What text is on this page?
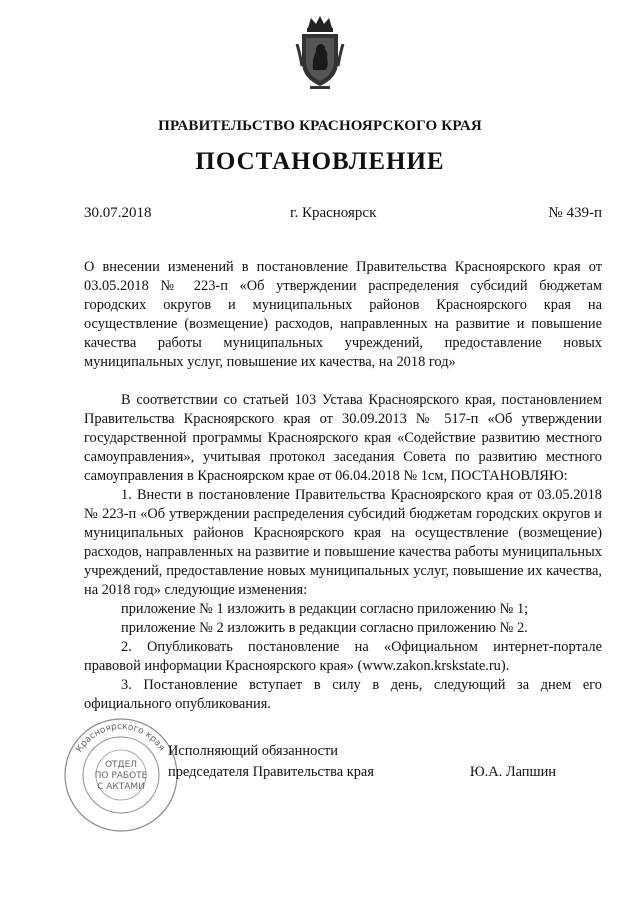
ПРАВИТЕЛЬСТВО КРАСНОЯРСКОГО КРАЯ
ПОСТАНОВЛЕНИЕ
30.07.2018	г. Красноярск	№ 439-п

О внесении изменений в постановление Правительства Красноярского края от 03.05.2018 № 223-п «Об утверждении распределения субсидий бюджетам городских округов и муниципальных районов Красноярского края на осуществление (возмещение) расходов, направленных на развитие и повышение качества работы муниципальных учреждений, предоставление новых муниципальных услуг, повышение их качества, на 2018 год»

В соответствии со статьей 103 Устава Красноярского края, постановлением Правительства Красноярского края от 30.09.2013 № 517-п «Об утверждении государственной программы Красноярского края «Содействие развитию местного самоуправления», учитывая протокол заседания Совета по развитию местного самоуправления в Красноярском крае от 06.04.2018 № 1см, ПОСТАНОВЛЯЮ:

1. Внести в постановление Правительства Красноярского края от 03.05.2018 № 223-п «Об утверждении распределения субсидий бюджетам городских округов и муниципальных районов Красноярского края на осуществление (возмещение) расходов, направленных на развитие и повышение качества работы муниципальных учреждений, предоставление новых муниципальных услуг, повышение их качества, на 2018 год» следующие изменения:

приложение № 1 изложить в редакции согласно приложению № 1;

приложение № 2 изложить в редакции согласно приложению № 2.

2. Опубликовать постановление на «Официальном интернет-портале правовой информации Красноярского края» (www.zakon.krskstate.ru).

3. Постановление вступает в силу в день, следующий за днем его официального опубликования.

Красноярского края
ОТДЕЛ
ПО РАБОТЕ
С АКТАМИ
Исполняющий обязанности
председателя Правительства края	Ю.А. Лапшин
